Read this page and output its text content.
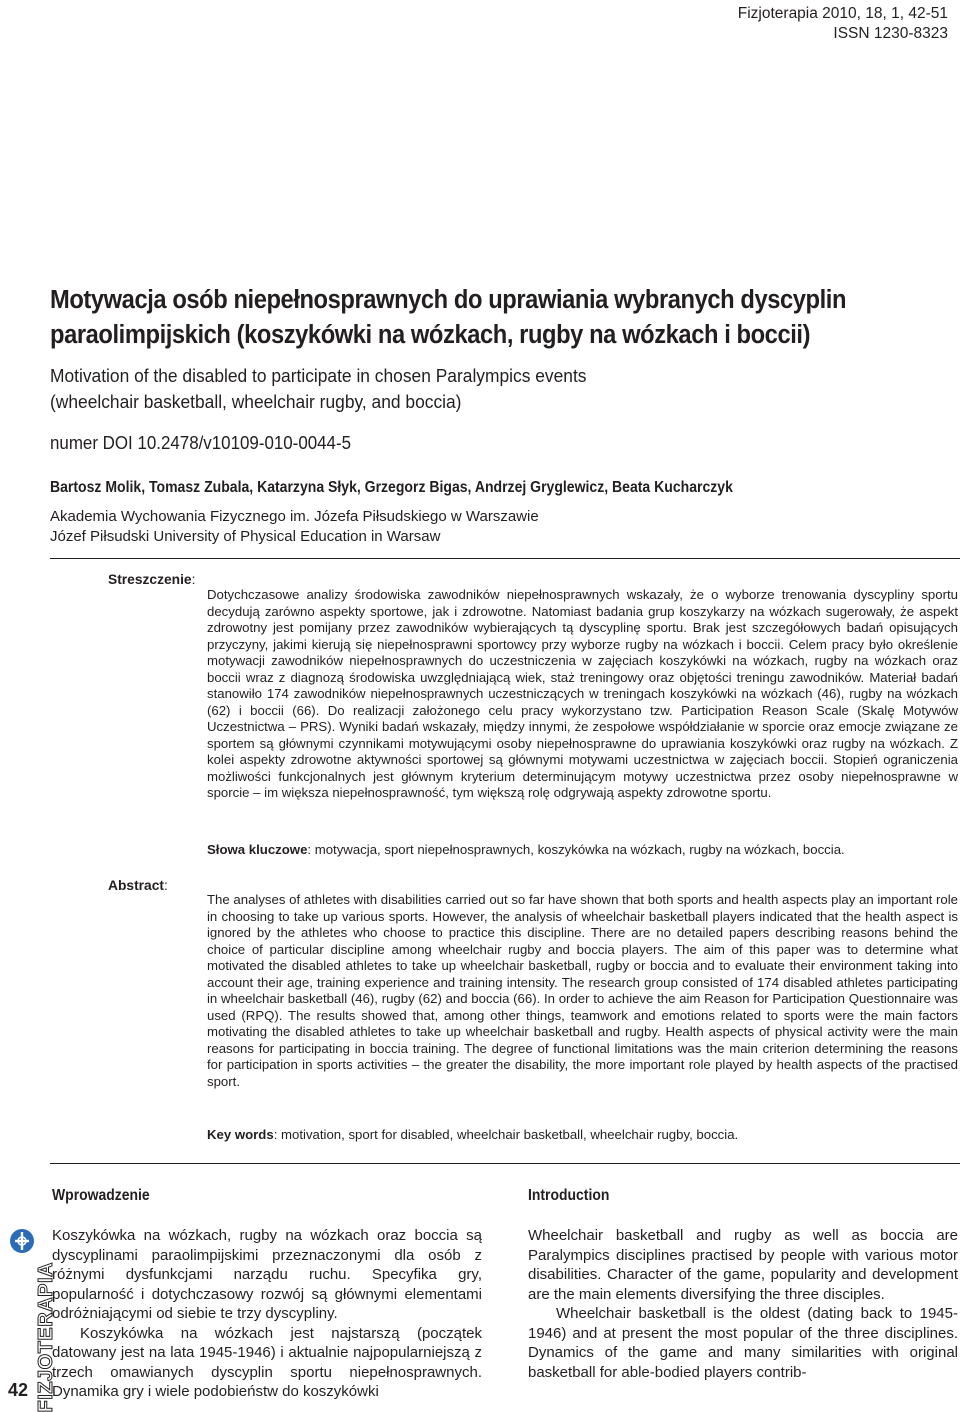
Fizjoterapia 2010, 18, 1, 42-51
ISSN 1230-8323
Motywacja osób niepełnosprawnych do uprawiania wybranych dyscyplin
paraolimpijskich (koszykówki na wózkach, rugby na wózkach i boccii)
Motivation of the disabled to participate in chosen Paralympics events
(wheelchair basketball, wheelchair rugby, and boccia)
numer DOI 10.2478/v10109-010-0044-5
Bartosz Molik, Tomasz Zubala, Katarzyna Słyk, Grzegorz Bigas, Andrzej Gryglewicz, Beata Kucharczyk
Akademia Wychowania Fizycznego im. Józefa Piłsudskiego w Warszawie
Józef Piłsudski University of Physical Education in Warsaw
Streszczenie:
Dotychczasowe analizy środowiska zawodników niepełnosprawnych wskazały, że o wyborze trenowania dyscypliny sportu decydują zarówno aspekty sportowe, jak i zdrowotne. Natomiast badania grup koszykarzy na wózkach sugerowały, że aspekt zdrowotny jest pomijany przez zawodników wybierających tą dyscyplinę sportu. Brak jest szczegółowych badań opisujących przyczyny, jakimi kierują się niepełnosprawni sportowcy przy wyborze rugby na wózkach i boccii. Celem pracy było określenie motywacji zawodników niepełnosprawnych do uczestniczenia w zajęciach koszykówki na wózkach, rugby na wózkach oraz boccii wraz z diagnozą środowiska uwzględniającą wiek, staż treningowy oraz objętości treningu zawodników. Materiał badań stanowiło 174 zawodników niepełnosprawnych uczestniczących w treningach koszykówki na wózkach (46), rugby na wózkach (62) i boccii (66). Do realizacji założonego celu pracy wykorzystano tzw. Participation Reason Scale (Skalę Motywów Uczestnictwa – PRS). Wyniki badań wskazały, między innymi, że zespołowe współdziałanie w sporcie oraz emocje związane ze sportem są głównymi czynnikami motywującymi osoby niepełnosprawne do uprawiania koszykówki oraz rugby na wózkach. Z kolei aspekty zdrowotne aktywności sportowej są głównymi motywami uczestnictwa w zajęciach boccii. Stopień ograniczenia możliwości funkcjonalnych jest głównym kryterium determinującym motywy uczestnictwa przez osoby niepełnosprawne w sporcie – im większa niepełnosprawność, tym większą rolę odgrywają aspekty zdrowotne sportu.
Słowa kluczowe: motywacja, sport niepełnosprawnych, koszykówka na wózkach, rugby na wózkach, boccia.
Abstract:
The analyses of athletes with disabilities carried out so far have shown that both sports and health aspects play an important role in choosing to take up various sports. However, the analysis of wheelchair basketball players indicated that the health aspect is ignored by the athletes who choose to practice this discipline. There are no detailed papers describing reasons behind the choice of particular discipline among wheelchair rugby and boccia players. The aim of this paper was to determine what motivated the disabled athletes to take up wheelchair basketball, rugby or boccia and to evaluate their environment taking into account their age, training experience and training intensity. The research group consisted of 174 disabled athletes participating in wheelchair basketball (46), rugby (62) and boccia (66). In order to achieve the aim Reason for Participation Questionnaire was used (RPQ). The results showed that, among other things, teamwork and emotions related to sports were the main factors motivating the disabled athletes to take up wheelchair basketball and rugby. Health aspects of physical activity were the main reasons for participating in boccia training. The degree of functional limitations was the main criterion determining the reasons for participation in sports activities – the greater the disability, the more important role played by health aspects of the practised sport.
Key words: motivation, sport for disabled, wheelchair basketball, wheelchair rugby, boccia.
Wprowadzenie	Introduction

Koszykówka na wózkach, rugby na wózkach oraz boccia są dyscyplinami paraolimpijskimi przeznaczonymi dla osób z różnymi dysfunkcjami narządu ruchu. Specyfika gry, popularność i dotychczasowy rozwój są głównymi elementami odróżniającymi od siebie te trzy dyscypliny.

Koszykówka na wózkach jest najstarszą (początek datowany jest na lata 1945-1946) i aktualnie najpopularniejszą z trzech omawianych dyscyplin sportu niepełnosprawnych. Dynamika gry i wiele podobieństw do koszykówki

Wheelchair basketball and rugby as well as boccia are Paralympics disciplines practised by people with various motor disabilities. Character of the game, popularity and development are the main elements diversifying the three disciples.

Wheelchair basketball is the oldest (dating back to 1945-1946) and at present the most popular of the three disciplines. Dynamics of the game and many similarities with original basketball for able-bodied players contrib-

FIZJOTERAPIA
42
